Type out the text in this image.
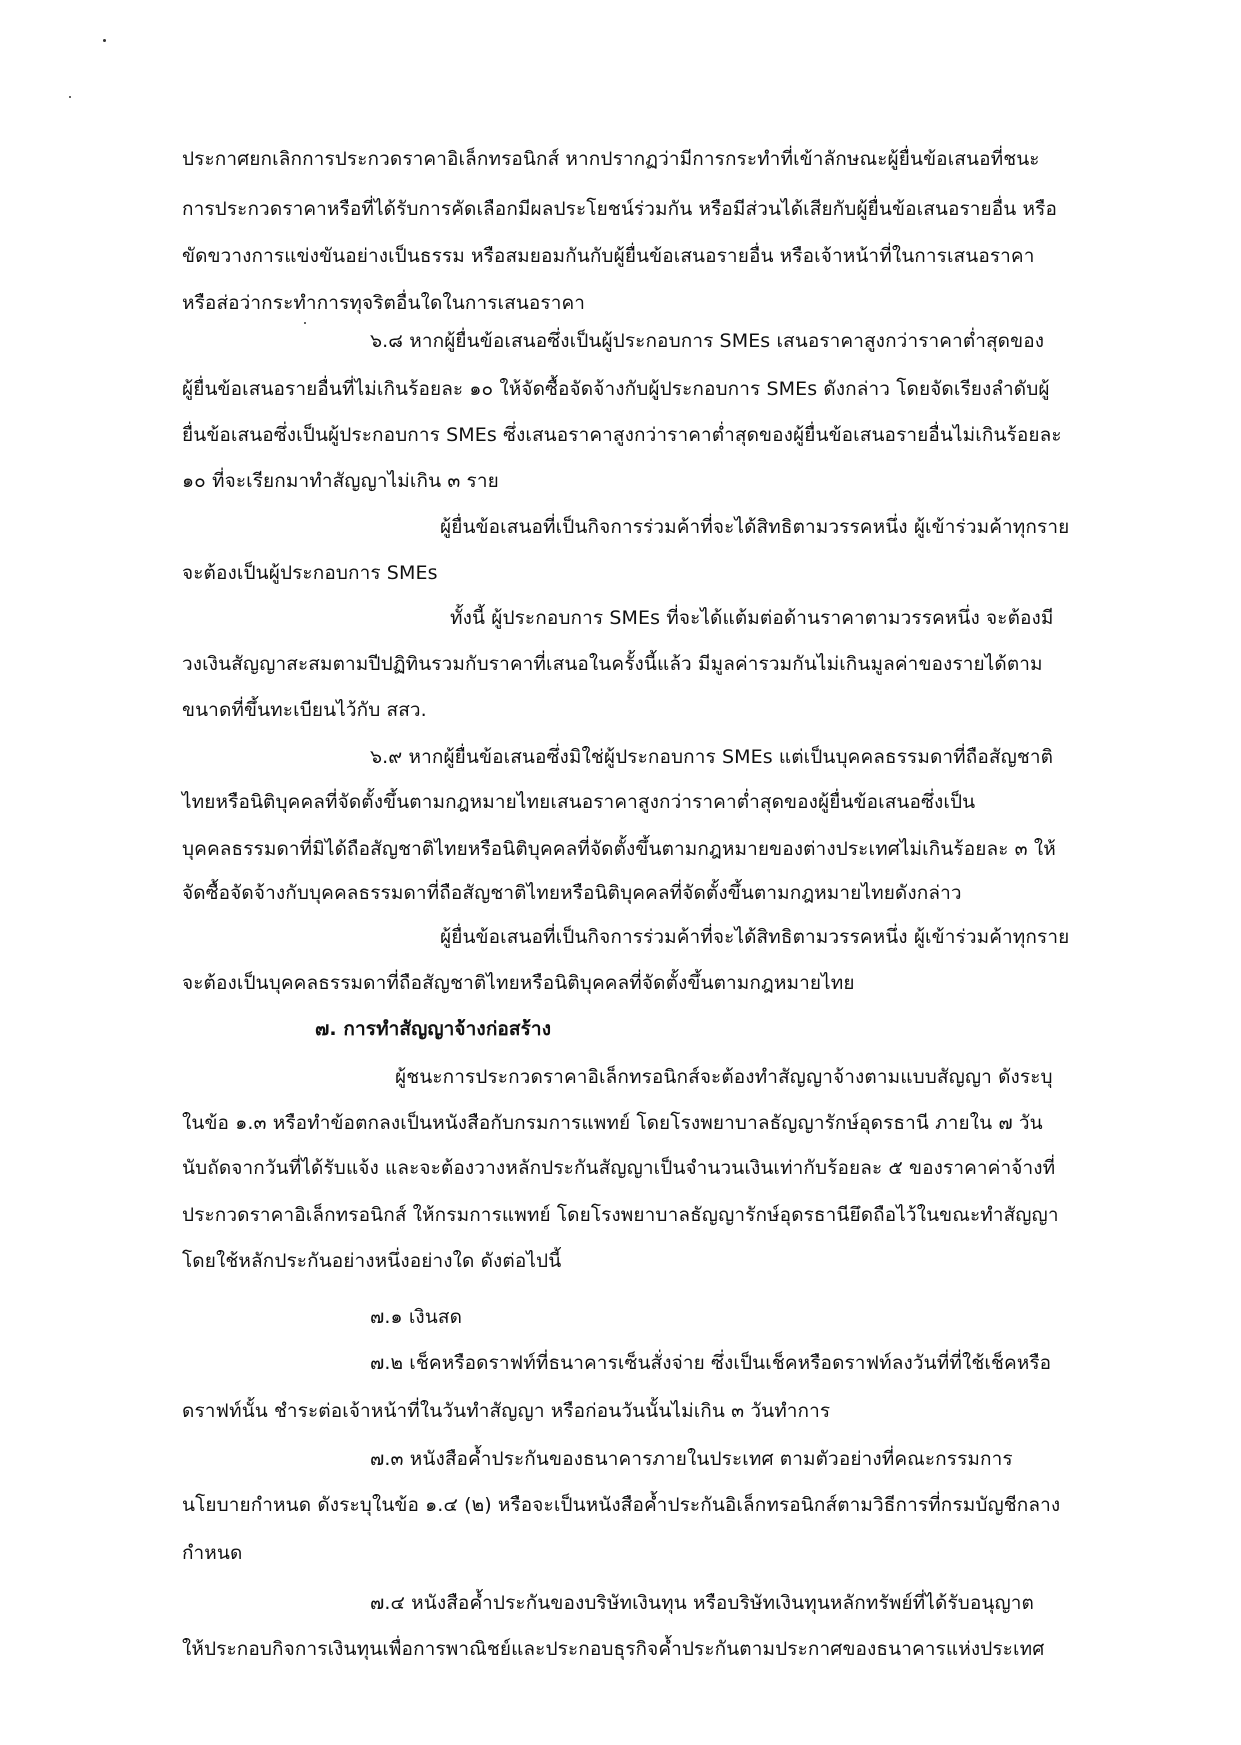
ประกาศยกเลิกการประกวดราคาอิเล็กทรอนิกส์ หากปรากฏว่ามีการกระทำที่เข้าลักษณะผู้ยื่นข้อเสนอที่ชนะ
การประกวดราคาหรือที่ได้รับการคัดเลือกมีผลประโยชน์ร่วมกัน หรือมีส่วนได้เสียกับผู้ยื่นข้อเสนอรายอื่น หรือ
ขัดขวางการแข่งขันอย่างเป็นธรรม หรือสมยอมกันกับผู้ยื่นข้อเสนอรายอื่น หรือเจ้าหน้าที่ในการเสนอราคา
หรือส่อว่ากระทำการทุจริตอื่นใดในการเสนอราคา
๖.๘ หากผู้ยื่นข้อเสนอซึ่งเป็นผู้ประกอบการ SMEs เสนอราคาสูงกว่าราคาต่ำสุดของ
ผู้ยื่นข้อเสนอรายอื่นที่ไม่เกินร้อยละ ๑๐ ให้จัดซื้อจัดจ้างกับผู้ประกอบการ SMEs ดังกล่าว โดยจัดเรียงลำดับผู้
ยื่นข้อเสนอซึ่งเป็นผู้ประกอบการ SMEs ซึ่งเสนอราคาสูงกว่าราคาต่ำสุดของผู้ยื่นข้อเสนอรายอื่นไม่เกินร้อยละ
๑๐ ที่จะเรียกมาทำสัญญาไม่เกิน ๓ ราย
ผู้ยื่นข้อเสนอที่เป็นกิจการร่วมค้าที่จะได้สิทธิตามวรรคหนึ่ง ผู้เข้าร่วมค้าทุกราย
จะต้องเป็นผู้ประกอบการ SMEs
ทั้งนี้ ผู้ประกอบการ SMEs ที่จะได้แต้มต่อด้านราคาตามวรรคหนึ่ง จะต้องมี
วงเงินสัญญาสะสมตามปีปฏิทินรวมกับราคาที่เสนอในครั้งนี้แล้ว มีมูลค่ารวมกันไม่เกินมูลค่าของรายได้ตาม
ขนาดที่ขึ้นทะเบียนไว้กับ สสว.
๖.๙ หากผู้ยื่นข้อเสนอซึ่งมิใช่ผู้ประกอบการ SMEs แต่เป็นบุคคลธรรมดาที่ถือสัญชาติ
ไทยหรือนิติบุคคลที่จัดตั้งขึ้นตามกฎหมายไทยเสนอราคาสูงกว่าราคาต่ำสุดของผู้ยื่นข้อเสนอซึ่งเป็น
บุคคลธรรมดาที่มิได้ถือสัญชาติไทยหรือนิติบุคคลที่จัดตั้งขึ้นตามกฎหมายของต่างประเทศไม่เกินร้อยละ ๓ ให้
จัดซื้อจัดจ้างกับบุคคลธรรมดาที่ถือสัญชาติไทยหรือนิติบุคคลที่จัดตั้งขึ้นตามกฎหมายไทยดังกล่าว
ผู้ยื่นข้อเสนอที่เป็นกิจการร่วมค้าที่จะได้สิทธิตามวรรคหนึ่ง ผู้เข้าร่วมค้าทุกราย
จะต้องเป็นบุคคลธรรมดาที่ถือสัญชาติไทยหรือนิติบุคคลที่จัดตั้งขึ้นตามกฎหมายไทย
๗. การทำสัญญาจ้างก่อสร้าง
ผู้ชนะการประกวดราคาอิเล็กทรอนิกส์จะต้องทำสัญญาจ้างตามแบบสัญญา ดังระบุ
ในข้อ ๑.๓ หรือทำข้อตกลงเป็นหนังสือกับกรมการแพทย์ โดยโรงพยาบาลธัญญารักษ์อุดรธานี ภายใน ๗ วัน
นับถัดจากวันที่ได้รับแจ้ง และจะต้องวางหลักประกันสัญญาเป็นจำนวนเงินเท่ากับร้อยละ ๕ ของราคาค่าจ้างที่
ประกวดราคาอิเล็กทรอนิกส์ ให้กรมการแพทย์ โดยโรงพยาบาลธัญญารักษ์อุดรธานียึดถือไว้ในขณะทำสัญญา
โดยใช้หลักประกันอย่างหนึ่งอย่างใด ดังต่อไปนี้
๗.๑ เงินสด
๗.๒ เช็คหรือดราฟท์ที่ธนาคารเซ็นสั่งจ่าย ซึ่งเป็นเช็คหรือดราฟท์ลงวันที่ที่ใช้เช็คหรือ
ดราฟท์นั้น ชำระต่อเจ้าหน้าที่ในวันทำสัญญา หรือก่อนวันนั้นไม่เกิน ๓ วันทำการ
๗.๓ หนังสือค้ำประกันของธนาคารภายในประเทศ ตามตัวอย่างที่คณะกรรมการ
นโยบายกำหนด ดังระบุในข้อ ๑.๔ (๒) หรือจะเป็นหนังสือค้ำประกันอิเล็กทรอนิกส์ตามวิธีการที่กรมบัญชีกลาง
กำหนด
๗.๔ หนังสือค้ำประกันของบริษัทเงินทุน หรือบริษัทเงินทุนหลักทรัพย์ที่ได้รับอนุญาต
ให้ประกอบกิจการเงินทุนเพื่อการพาณิชย์และประกอบธุรกิจค้ำประกันตามประกาศของธนาคารแห่งประเทศ
